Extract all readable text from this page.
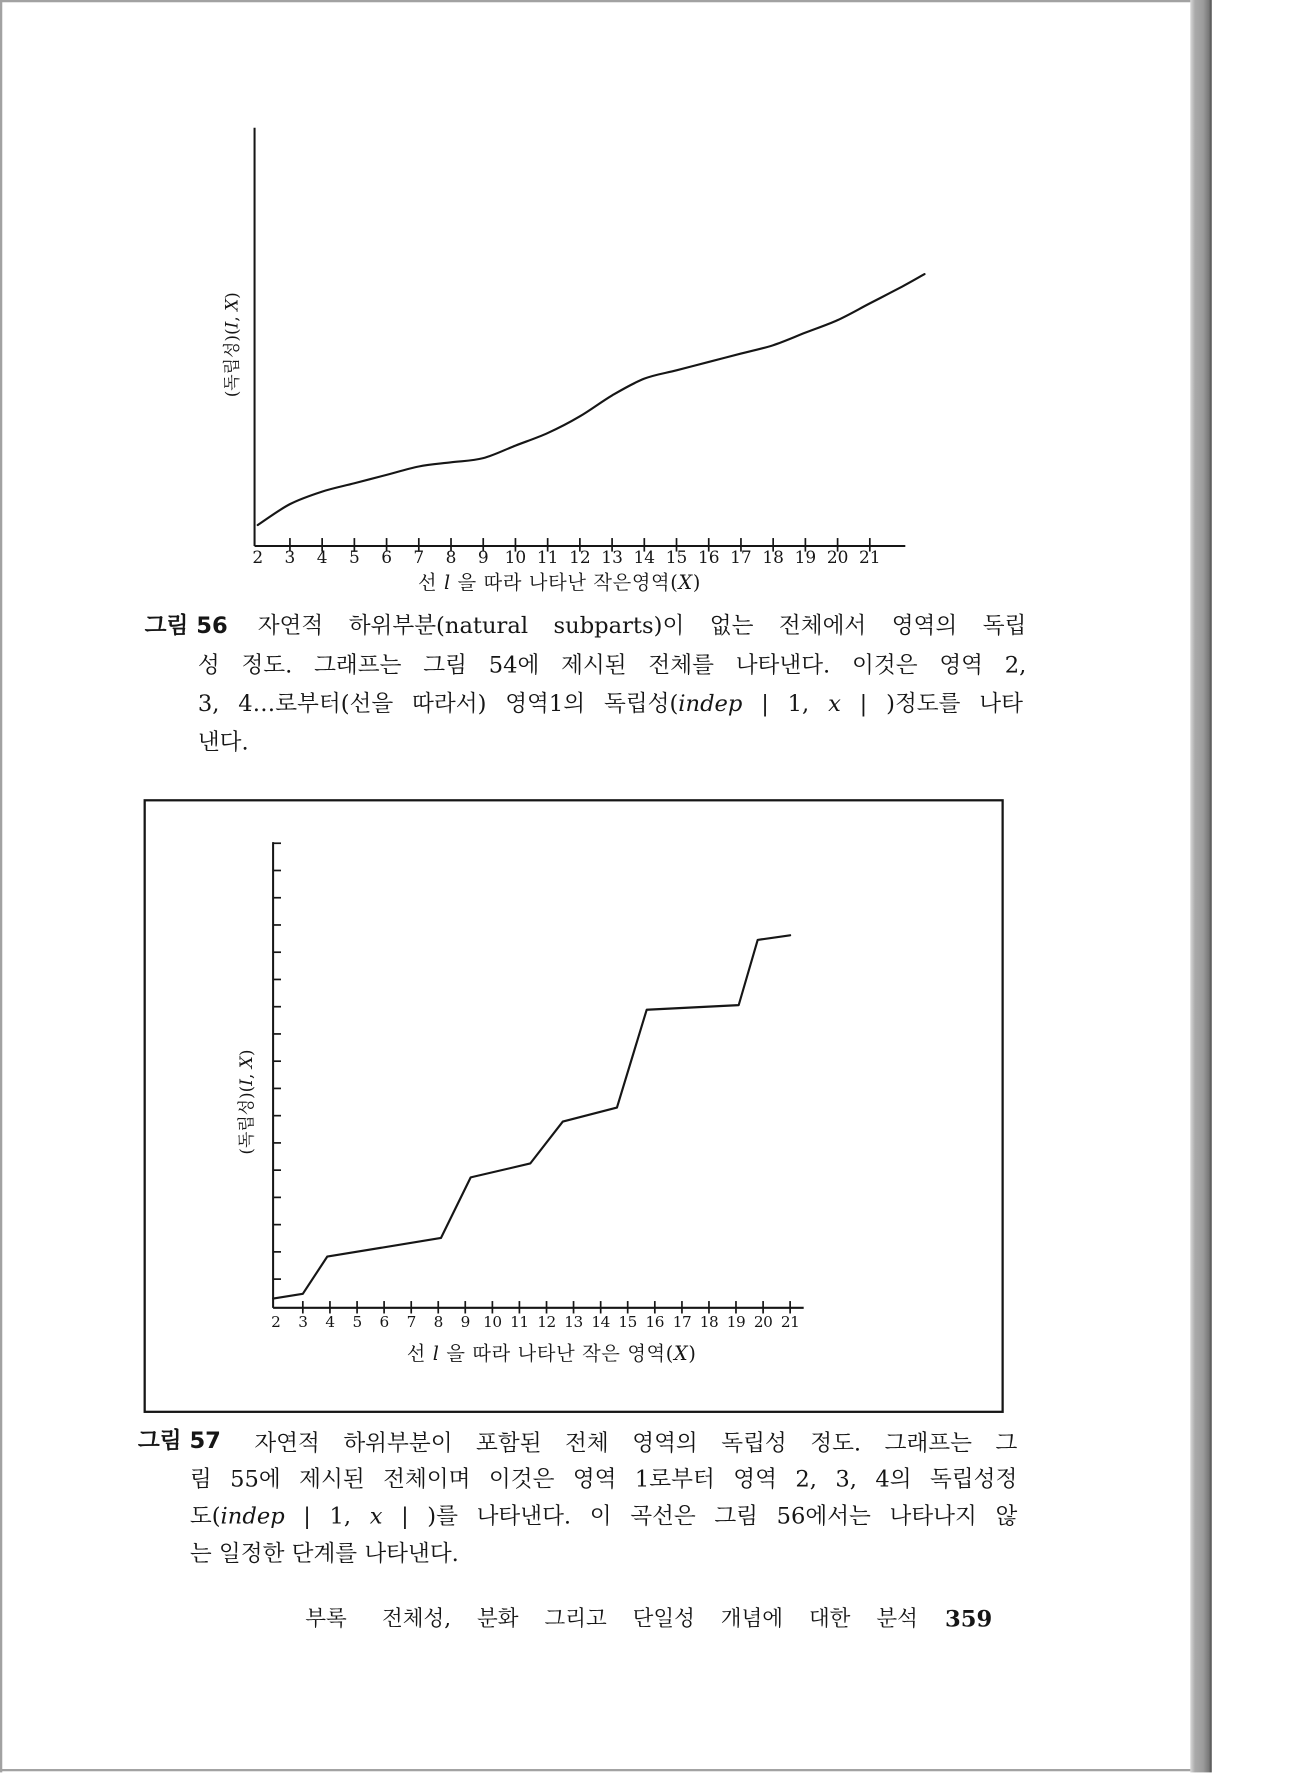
(독립성)(I, X)
선 l 을 따라 나타난 작은영역(X)
2 3 4 5 6 7 8 9 10 11 12 13 14 15 16 17 18 19 20 21
(독립성)(I, X)
선 l 을 따라 나타난 작은 영역(X)
2 3 4 5 6 7 8 9 10 11 12 13 14 15 16 17 18 19 20 21
그림 56 자연적 하위부분(natural subparts)이 없는 전체에서 영역의 독립
성 정도. 그래프는 그림 54에 제시된 전체를 나타낸다. 이것은 영역 2,
3, 4…로부터(선을 따라서) 영역1의 독립성(indep | 1, x | )정도를 나타
낸다.
그림 57 자연적 하위부분이 포함된 전체 영역의 독립성 정도. 그래프는 그
림 55에 제시된 전체이며 이것은 영역 1로부터 영역 2, 3, 4의 독립성정
도(indep | 1, x | )를 나타낸다. 이 곡선은 그림 56에서는 나타나지 않
는 일정한 단계를 나타낸다.
부록 전체성, 분화 그리고 단일성 개념에 대한 분석 359
